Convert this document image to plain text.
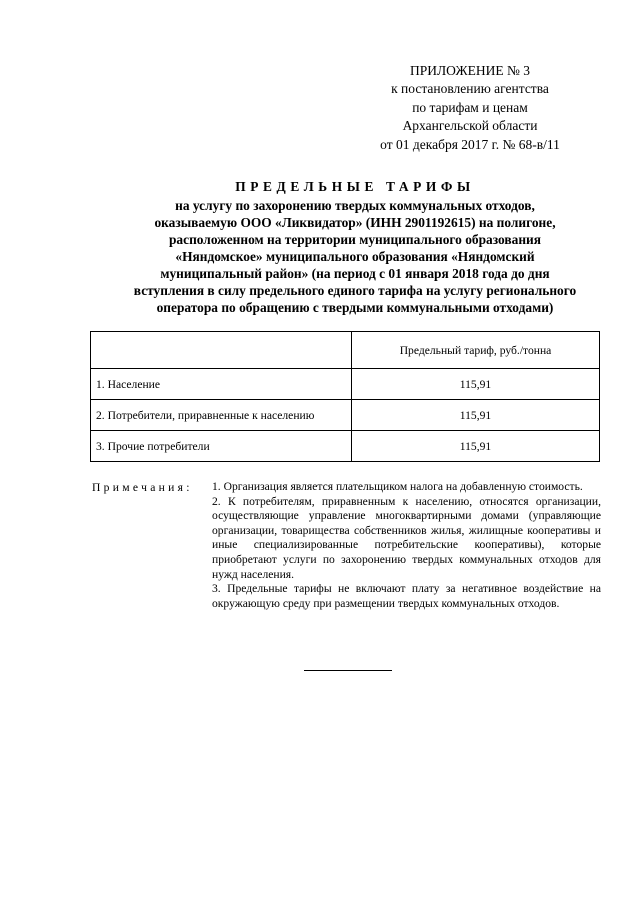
ПРИЛОЖЕНИЕ № 3
к постановлению агентства
по тарифам и ценам
Архангельской области
от 01 декабря 2017 г. № 68-в/11
ПРЕДЕЛЬНЫЕ ТАРИФЫ
на услугу по захоронению твердых коммунальных отходов,
оказываемую ООО «Ликвидатор» (ИНН 2901192615) на полигоне,
расположенном на территории муниципального образования
«Няндомское» муниципального образования «Няндомский
муниципальный район» (на период с 01 января 2018 года до дня
вступления в силу предельного единого тарифа на услугу регионального
оператора по обращению с твердыми коммунальными отходами)
	Предельный тариф, руб./тонна
1. Население	115,91
2. Потребители, приравненные к населению	115,91
3. Прочие потребители	115,91
Примечания: 1. Организация является плательщиком налога на добавленную стоимость.

2. К потребителям, приравненным к населению, относятся организации, осуществляющие управление многоквартирными домами (управляющие организации, товарищества собственников жилья, жилищные кооперативы и иные специализированные потребительские кооперативы), которые приобретают услуги по захоронению твердых коммунальных отходов для нужд населения.

3. Предельные тарифы не включают плату за негативное воздействие на окружающую среду при размещении твердых коммунальных отходов.
